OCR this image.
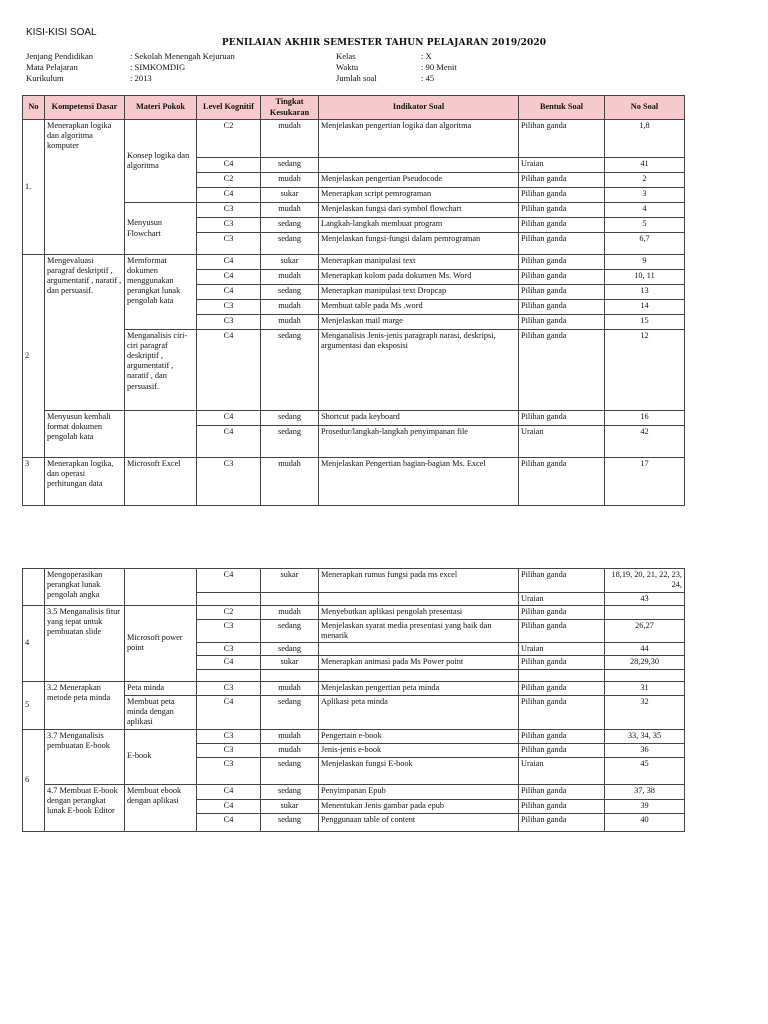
KISI-KISI SOAL
PENILAIAN AKHIR SEMESTER TAHUN PELAJARAN 2019/2020
Jenjang Pendidikan	: Sekolah Menengah Kejuruan
Mata Pelajaran	: SIMKOMDIG
Kurikulum	: 2013
Kelas	: X
Waktu	: 90 Menit
Jumlah soal	: 45
No	Kompetensi Dasar	Materi Pokok	Level Kognitif	Tingkat Kesukaran	Indikator Soal	Bentuk Soal	No Soal
1.	Menerapkan logika dan algoritma komputer	Konsep logika dan algoritma	C2	mudah	Menjelaskan pengertian logika dan algoritma	Pilihan ganda	1,8
			C4	sedang		Uraian	41
			C2	mudah	Menjelaskan pengertian Pseudocode	Pilihan ganda	2
			C4	sukar	Menerapkan script pemrograman	Pilihan ganda	3
		Menyusun Flowchart	C3	mudah	Menjelaskan fungsi dari symbol flowchart	Pilihan ganda	4
			C3	sedang	Langkah-langkah membuat program	Pilihan ganda	5
			C3	sedang	Menjelaskan fungsi-fungsi dalam pemrograman	Pilihan ganda	6,7
2	Mengevaluasi paragraf deskriptif , argumentatif , naratif , dan persuasif.	Memformat dokumen menggunakan perangkat lunak pengolah kata	C4	sukar	Menerapkan manipulasi text	Pilihan ganda	9
			C4	mudah	Menerapkan kolom pada dokumen Ms. Word	Pilihan ganda	10, 11
			C4	sedang	Menerapkan manipulasi text Dropcap	Pilihan ganda	13
			C3	mudah	Membuat table pada Ms .word	Pilihan ganda	14
			C3	mudah	Menjelaskan mail marge	Pilihan ganda	15
		Menganalisis ciri-ciri paragraf deskriptif , argumentatif , naratif , dan persuasif.	C4	sedang	Menganalisis Jenis-jenis paragraph narasi, deskripsi, argumentasi dan eksposisi	Pilihan ganda	12
	Menyusun kembali format dokumen pengolah kata		C4	sedang	Shortcut pada keyboard	Pilihan ganda	16
			C4	sedang	Prosedur/langkah-langkah penyimpanan file	Uraian	42
3	Menerapkan logika, dan operasi perhitungan data	Microsoft Excel	C3	mudah	Menjelaskan Pengertian bagian-bagian Ms. Excel	Pilihan ganda	17
	Mengoperasikan perangkat lunak pengolah angka		C4	sukar	Menerapkan rumus fungsi pada ms excel	Pilihan ganda	18,19, 20, 21, 22, 23, 24,
						Uraian	43
4	3.5 Menganalisis fitur yang tepat untuk pembuatan slide	Microsoft power point	C2	mudah	Menyebutkan aplikasi pengolah presentasi	Pilihan ganda	
			C3	sedang	Menjelaskan syarat media presentasi yang baik dan menarik	Pilihan ganda	26,27
			C3	sedang		Uraian	44
			C4	sukar	Menerapkan animasi pada Ms Power point	Pilihan ganda	28,29,30

5	3.2 Menerapkan metode peta minda	Peta minda	C3	mudah	Menjelaskan pengertian peta minda	Pilihan ganda	31
		Membuat peta minda dengan aplikasi	C4	sedang	Aplikasi peta minda	Pilihan ganda	32
6	3.7 Menganalisis pembuatan E-book	E-book	C3	mudah	Pengertain e-book	Pilihan ganda	33, 34, 35
			C3	mudah	Jenis-jenis e-book	Pilihan ganda	36
			C3	sedang	Menjelaskan fungsi E-book	Uraian	45
	4.7 Membuat E-book dengan perangkat lunak E-book Editor	Membuat ebook dengan aplikasi	C4	sedang	Penyimpanan Epub	Pilihan ganda	37, 38
			C4	sukar	Menentukan Jenis gambar pada epub	Pilihan ganda	39
			C4	sedang	Penggunaan table of content	Pilihan ganda	40
